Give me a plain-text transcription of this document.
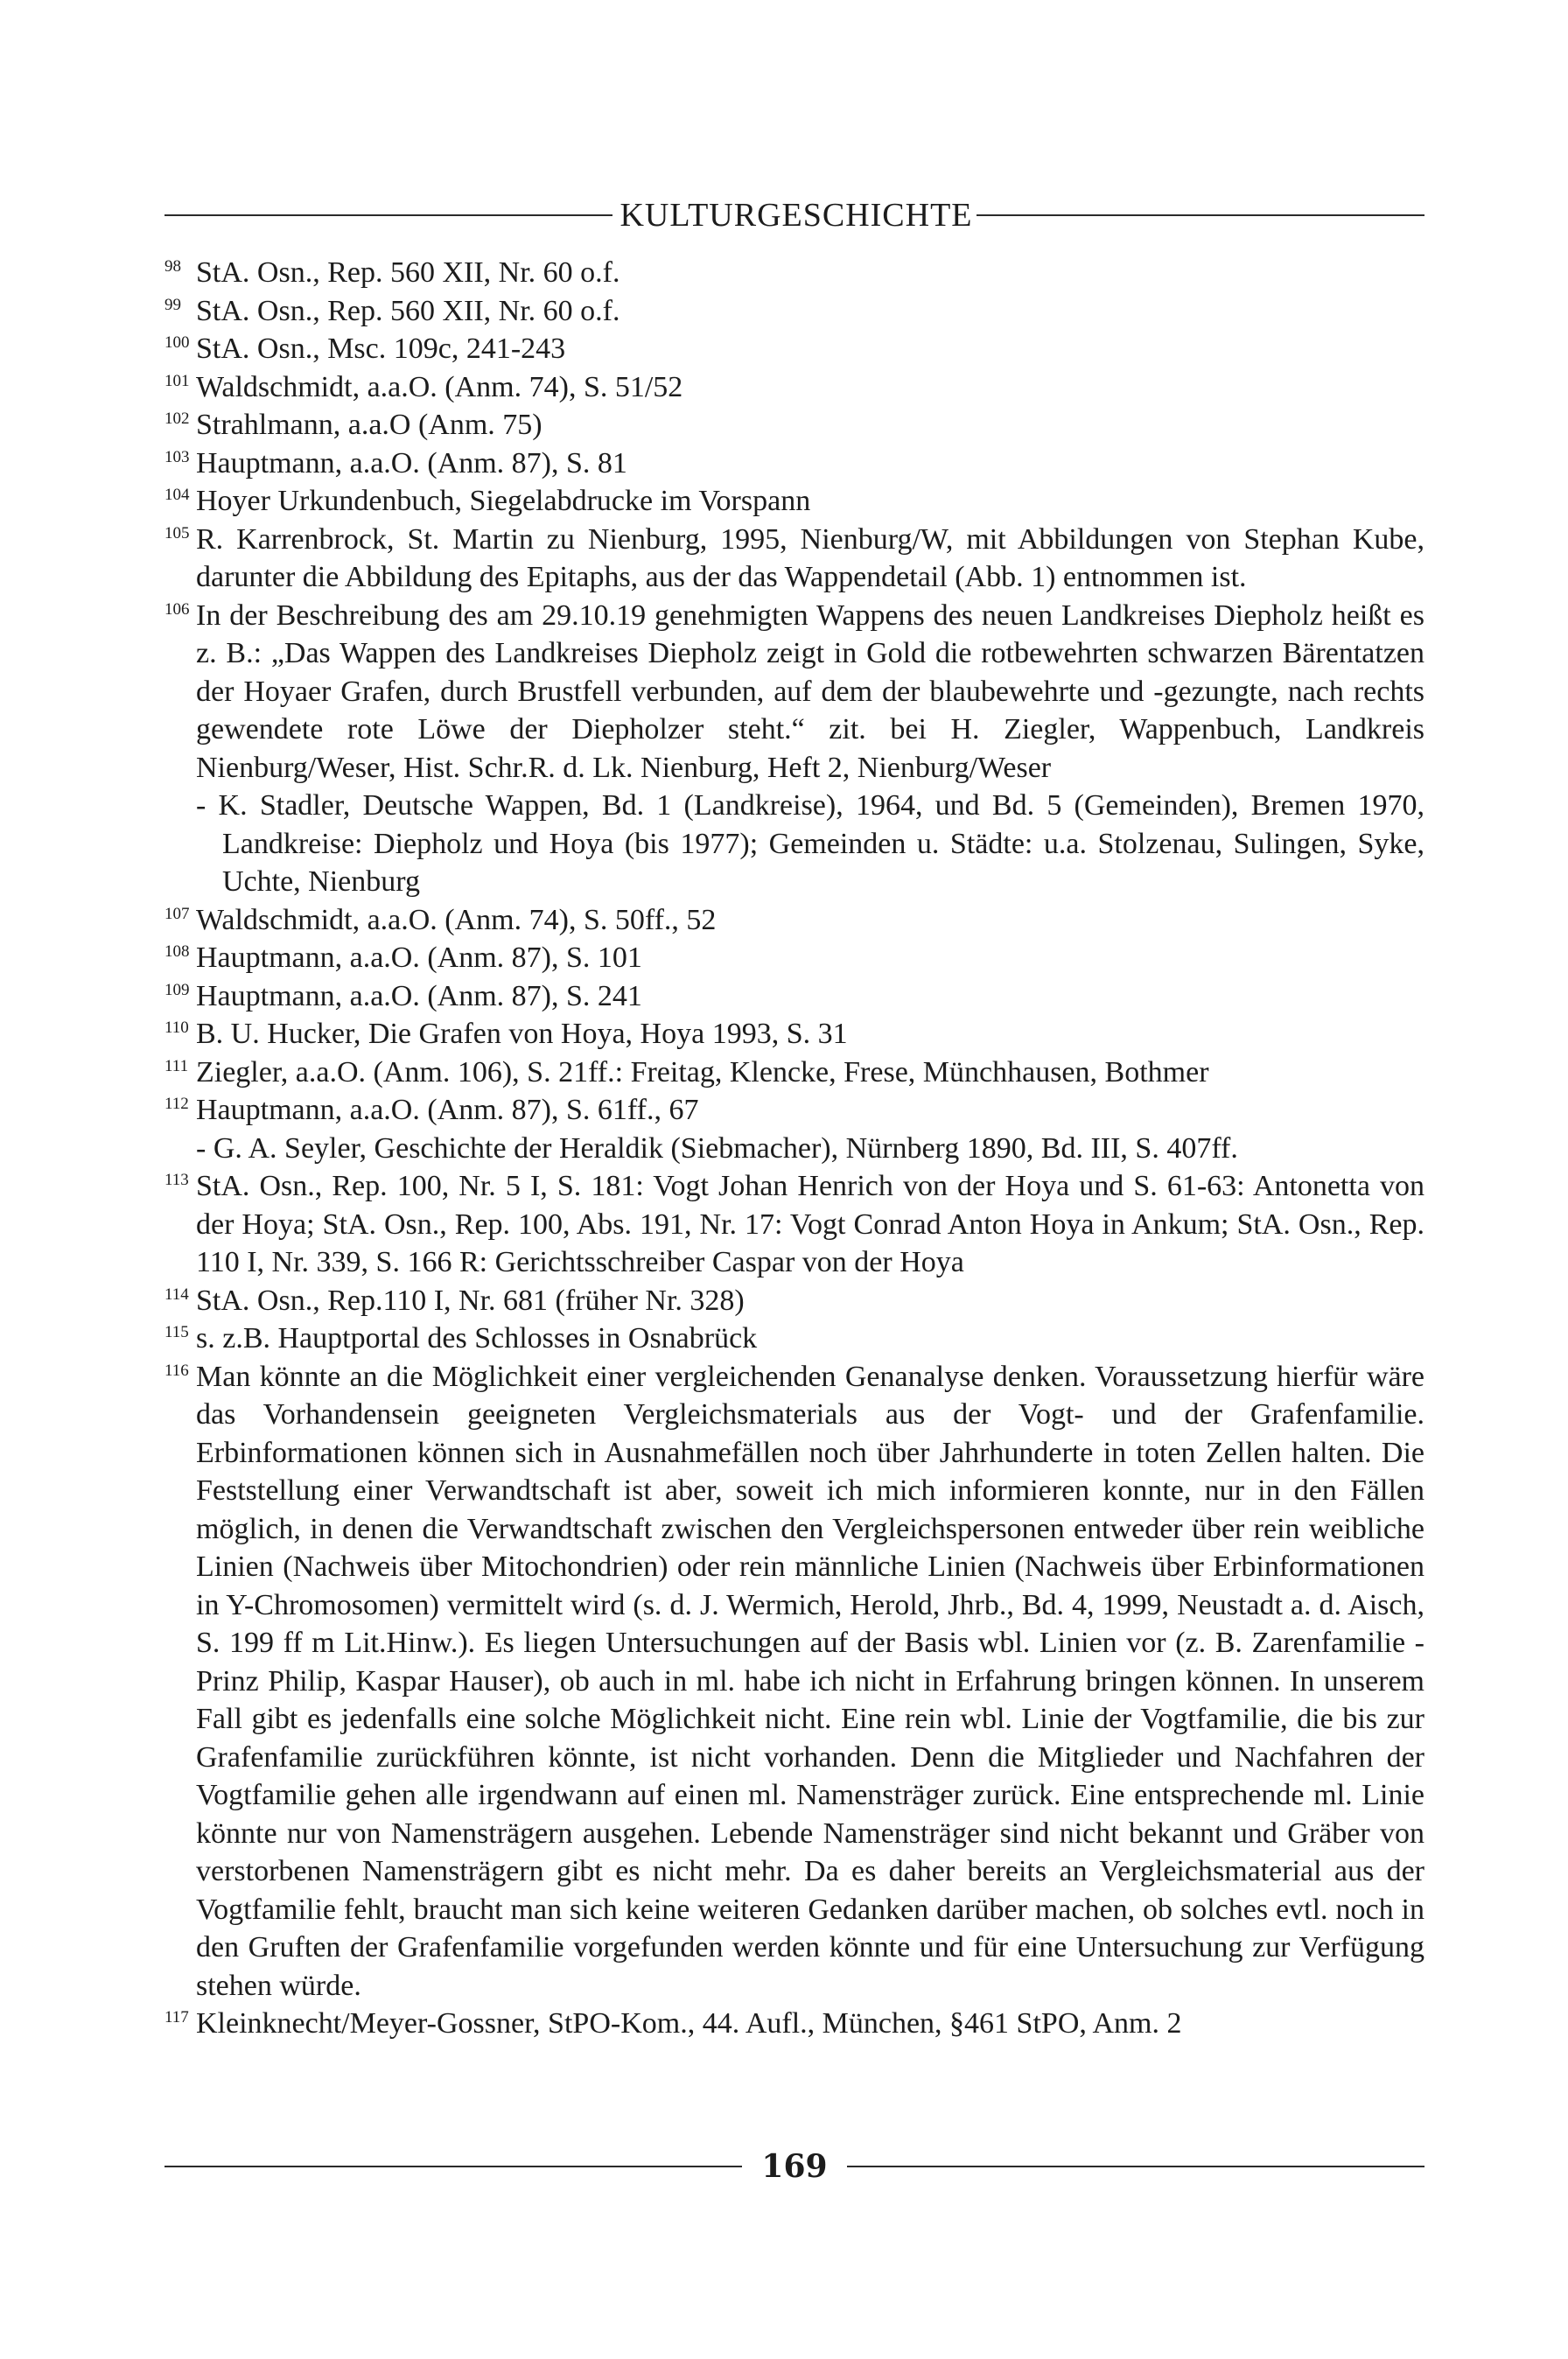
KULTURGESCHICHTE
98 StA. Osn., Rep. 560 XII, Nr. 60 o.f.
99 StA. Osn., Rep. 560 XII, Nr. 60 o.f.
100 StA. Osn., Msc. 109c, 241-243
101 Waldschmidt, a.a.O. (Anm. 74), S. 51/52
102 Strahlmann, a.a.O (Anm. 75)
103 Hauptmann, a.a.O. (Anm. 87), S. 81
104 Hoyer Urkundenbuch, Siegelabdrucke im Vorspann
105 R. Karrenbrock, St. Martin zu Nienburg, 1995, Nienburg/W, mit Abbildungen von Stephan Kube, darunter die Abbildung des Epitaphs, aus der das Wappendetail (Abb. 1) entnommen ist.
106 In der Beschreibung des am 29.10.19 genehmigten Wappens des neuen Landkreises Diepholz heißt es z. B.: „Das Wappen des Landkreises Diepholz zeigt in Gold die rotbewehrten schwarzen Bärentatzen der Hoyaer Grafen, durch Brustfell verbunden, auf dem der blaubewehrte und -gezungte, nach rechts gewendete rote Löwe der Diepholzer steht.“ zit. bei H. Ziegler, Wappenbuch, Landkreis Nienburg/Weser, Hist. Schr.R. d. Lk. Nienburg, Heft 2, Nienburg/Weser
- K. Stadler, Deutsche Wappen, Bd. 1 (Landkreise), 1964, und Bd. 5 (Gemeinden), Bremen 1970, Landkreise: Diepholz und Hoya (bis 1977); Gemeinden u. Städte: u.a. Stolzenau, Sulingen, Syke, Uchte, Nienburg
107 Waldschmidt, a.a.O. (Anm. 74), S. 50ff., 52
108 Hauptmann, a.a.O. (Anm. 87), S. 101
109 Hauptmann, a.a.O. (Anm. 87), S. 241
110 B. U. Hucker, Die Grafen von Hoya, Hoya 1993, S. 31
111 Ziegler, a.a.O. (Anm. 106), S. 21ff.: Freitag, Klencke, Frese, Münchhausen, Bothmer
112 Hauptmann, a.a.O. (Anm. 87), S. 61ff., 67
- G. A. Seyler, Geschichte der Heraldik (Siebmacher), Nürnberg 1890, Bd. III, S. 407ff.
113 StA. Osn., Rep. 100, Nr. 5 I, S. 181: Vogt Johan Henrich von der Hoya und S. 61-63: Antonetta von der Hoya; StA. Osn., Rep. 100, Abs. 191, Nr. 17: Vogt Conrad Anton Hoya in Ankum; StA. Osn., Rep. 110 I, Nr. 339, S. 166 R: Gerichtsschreiber Caspar von der Hoya
114 StA. Osn., Rep.110 I, Nr. 681 (früher Nr. 328)
115 s. z.B. Hauptportal des Schlosses in Osnabrück
116 Man könnte an die Möglichkeit einer vergleichenden Genanalyse denken. Voraussetzung hierfür wäre das Vorhandensein geeigneten Vergleichsmaterials aus der Vogt- und der Grafenfamilie. Erbinformationen können sich in Ausnahmefällen noch über Jahrhunderte in toten Zellen halten. Die Feststellung einer Verwandtschaft ist aber, soweit ich mich informieren konnte, nur in den Fällen möglich, in denen die Verwandtschaft zwischen den Vergleichspersonen entweder über rein weibliche Linien (Nachweis über Mitochondrien) oder rein männliche Linien (Nachweis über Erbinformationen in Y-Chromosomen) vermittelt wird (s. d. J. Wermich, Herold, Jhrb., Bd. 4, 1999, Neustadt a. d. Aisch, S. 199 ff m Lit.Hinw.). Es liegen Untersuchungen auf der Basis wbl. Linien vor (z. B. Zarenfamilie - Prinz Philip, Kaspar Hauser), ob auch in ml. habe ich nicht in Erfahrung bringen können. In unserem Fall gibt es jedenfalls eine solche Möglichkeit nicht. Eine rein wbl. Linie der Vogtfamilie, die bis zur Grafenfamilie zurückführen könnte, ist nicht vorhanden. Denn die Mitglieder und Nachfahren der Vogtfamilie gehen alle irgendwann auf einen ml. Namensträger zurück. Eine entsprechende ml. Linie könnte nur von Namensträgern ausgehen. Lebende Namensträger sind nicht bekannt und Gräber von verstorbenen Namensträgern gibt es nicht mehr. Da es daher bereits an Vergleichsmaterial aus der Vogtfamilie fehlt, braucht man sich keine weiteren Gedanken darüber machen, ob solches evtl. noch in den Gruften der Grafenfamilie vorgefunden werden könnte und für eine Untersuchung zur Verfügung stehen würde.
117 Kleinknecht/Meyer-Gossner, StPO-Kom., 44. Aufl., München, §461 StPO, Anm. 2
169
